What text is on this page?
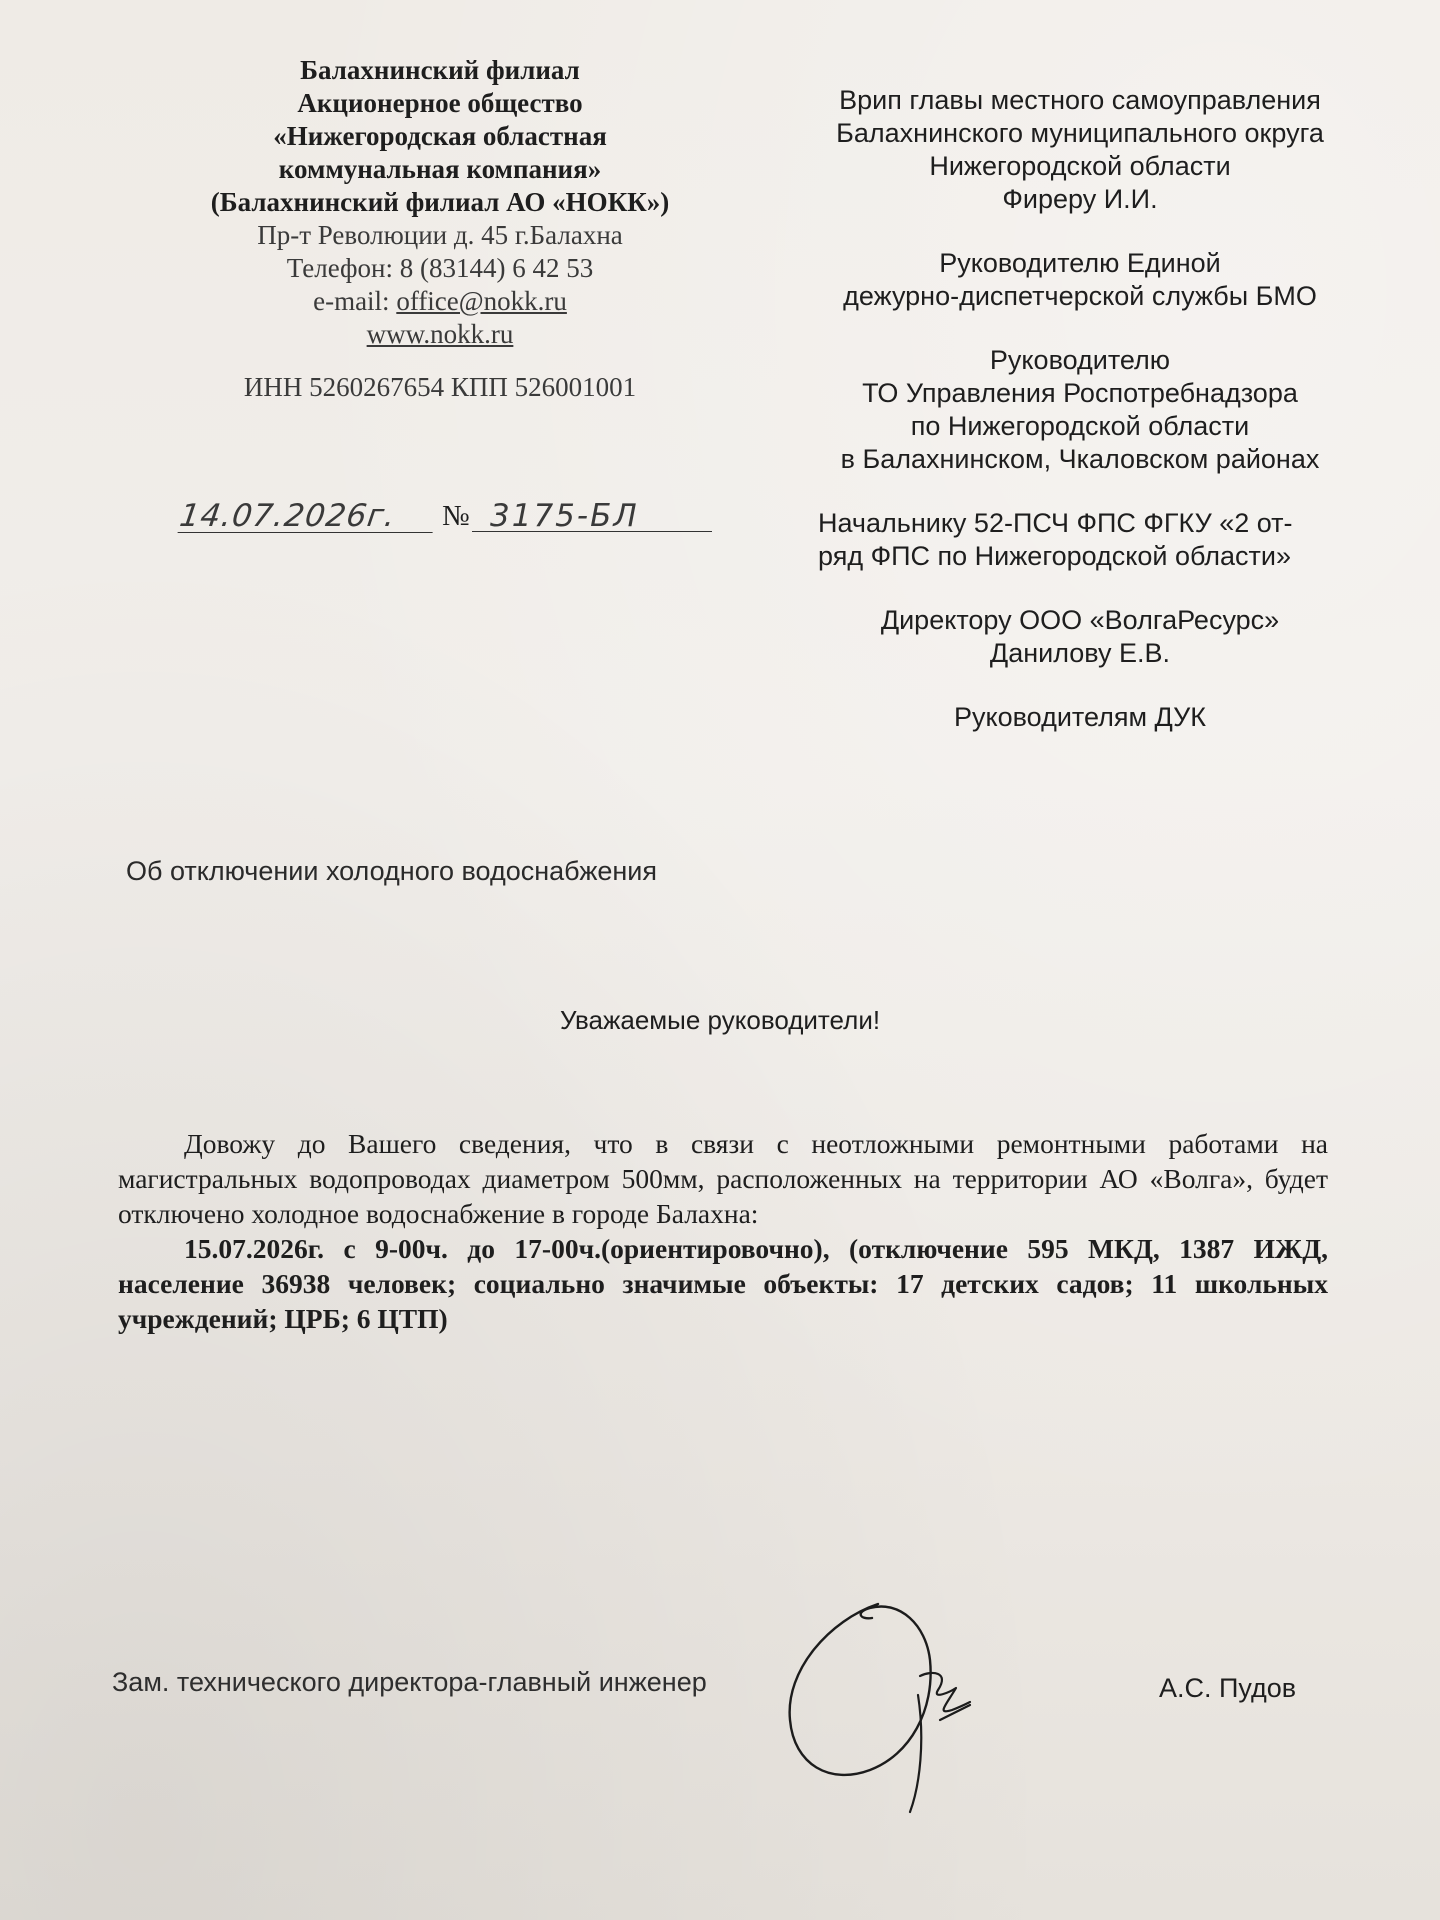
Балахнинский филиал
Акционерное общество
«Нижегородская областная
коммунальная компания»
(Балахнинский филиал АО «НОКК»)
Пр-т Революции д. 45 г.Балахна
Телефон: 8 (83144) 6 42 53
e-mail: office@nokk.ru
www.nokk.ru
ИНН 5260267654 КПП 526001001
14.07.2026г.	№ 3175-БЛ
Врип главы местного самоуправления
Балахнинского муниципального округа
Нижегородской области
Фиреру И.И.
Руководителю Единой
дежурно-диспетчерской службы БМО
Руководителю
ТО Управления Роспотребнадзора
по Нижегородской области
в Балахнинском, Чкаловском районах
Начальнику 52-ПСЧ ФПС ФГКУ «2 от-
ряд ФПС по Нижегородской области»
Директору ООО «ВолгаРесурс»
Данилову Е.В.
Руководителям ДУК
Об отключении холодного водоснабжения
Уважаемые руководители!

Довожу до Вашего сведения, что в связи с неотложными ремонтными работами на магистральных водопроводах диаметром 500мм, расположенных на территории АО «Волга», будет отключено холодное водоснабжение в городе Балахна:

15.07.2026г. с 9-00ч. до 17-00ч.(ориентировочно), (отключение 595 МКД, 1387 ИЖД, население 36938 человек; социально значимые объекты: 17 детских садов; 11 школьных учреждений; ЦРБ; 6 ЦТП)

Зам. технического директора-главный инженер	А.С. Пудов
